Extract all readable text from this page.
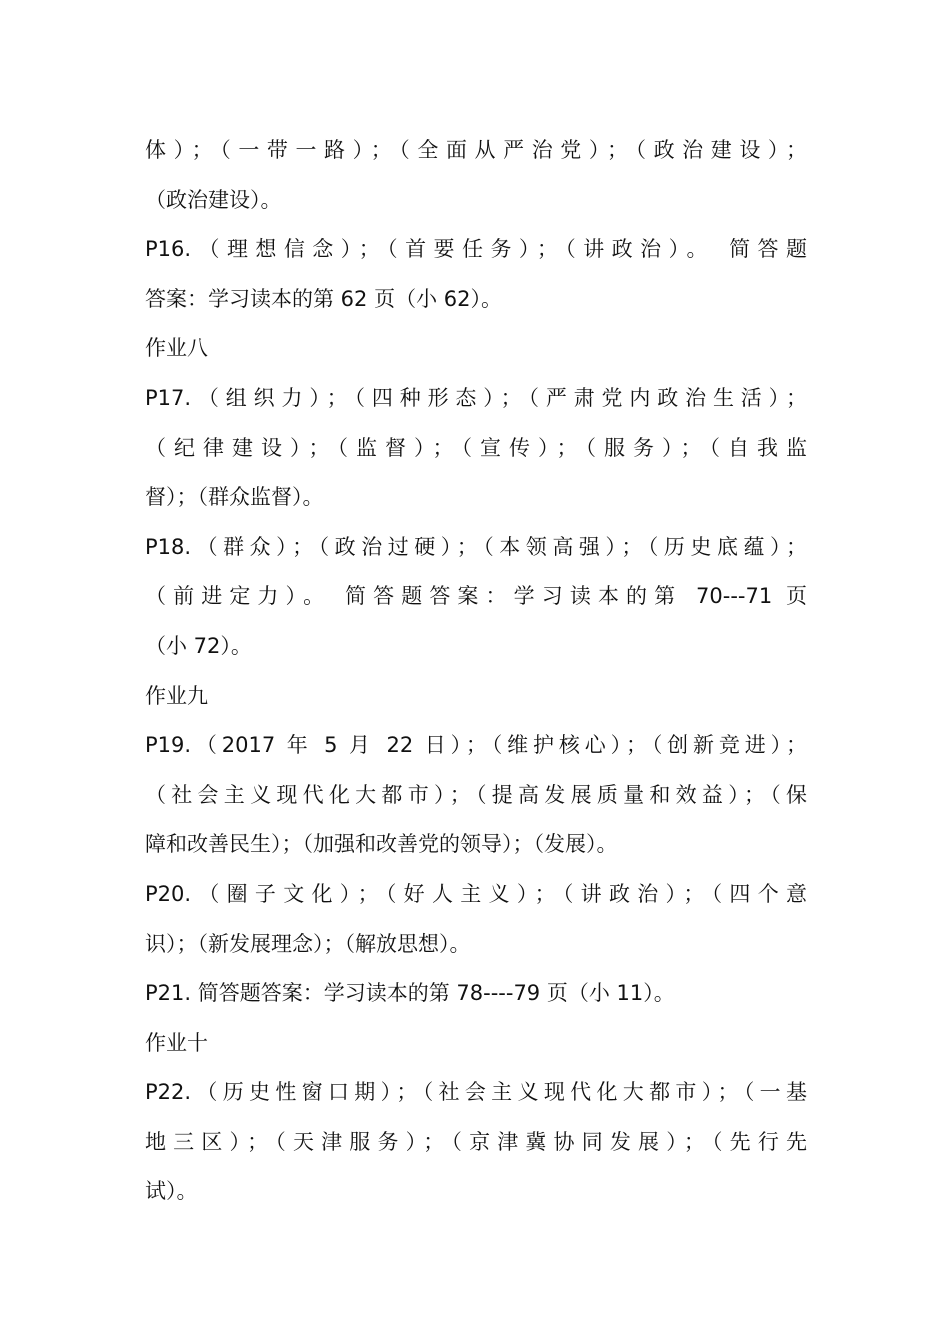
体）；（一带一路）；（全面从严治党）；（政治建设）；
（政治建设）。
P16.（理想信念）；（首要任务）；（讲政治）。 简答题
答案：学习读本的第 62 页（小 62）。
作业八
P17.（组织力）；（四种形态）；（严肃党内政治生活）；
（纪律建设）；（监督）；（宣传）；（服务）；（自我监
督）；（群众监督）。
P18.（群众）；（政治过硬）；（本领高强）；（历史底蕴）；
（前进定力）。 简答题答案：学习读本的第 70---71 页
（小 72）。
作业九
P19.（2017 年 5 月 22 日）；（维护核心）；（创新竞进）；
（社会主义现代化大都市）；（提高发展质量和效益）；（保
障和改善民生）；（加强和改善党的领导）；（发展）。
P20.（圈子文化）；（好人主义）；（讲政治）；（四个意
识）；（新发展理念）；（解放思想）。
P21. 简答题答案：学习读本的第 78----79 页（小 11）。
作业十
P22.（历史性窗口期）；（社会主义现代化大都市）；（一基
地三区）；（天津服务）；（京津冀协同发展）；（先行先
试）。
